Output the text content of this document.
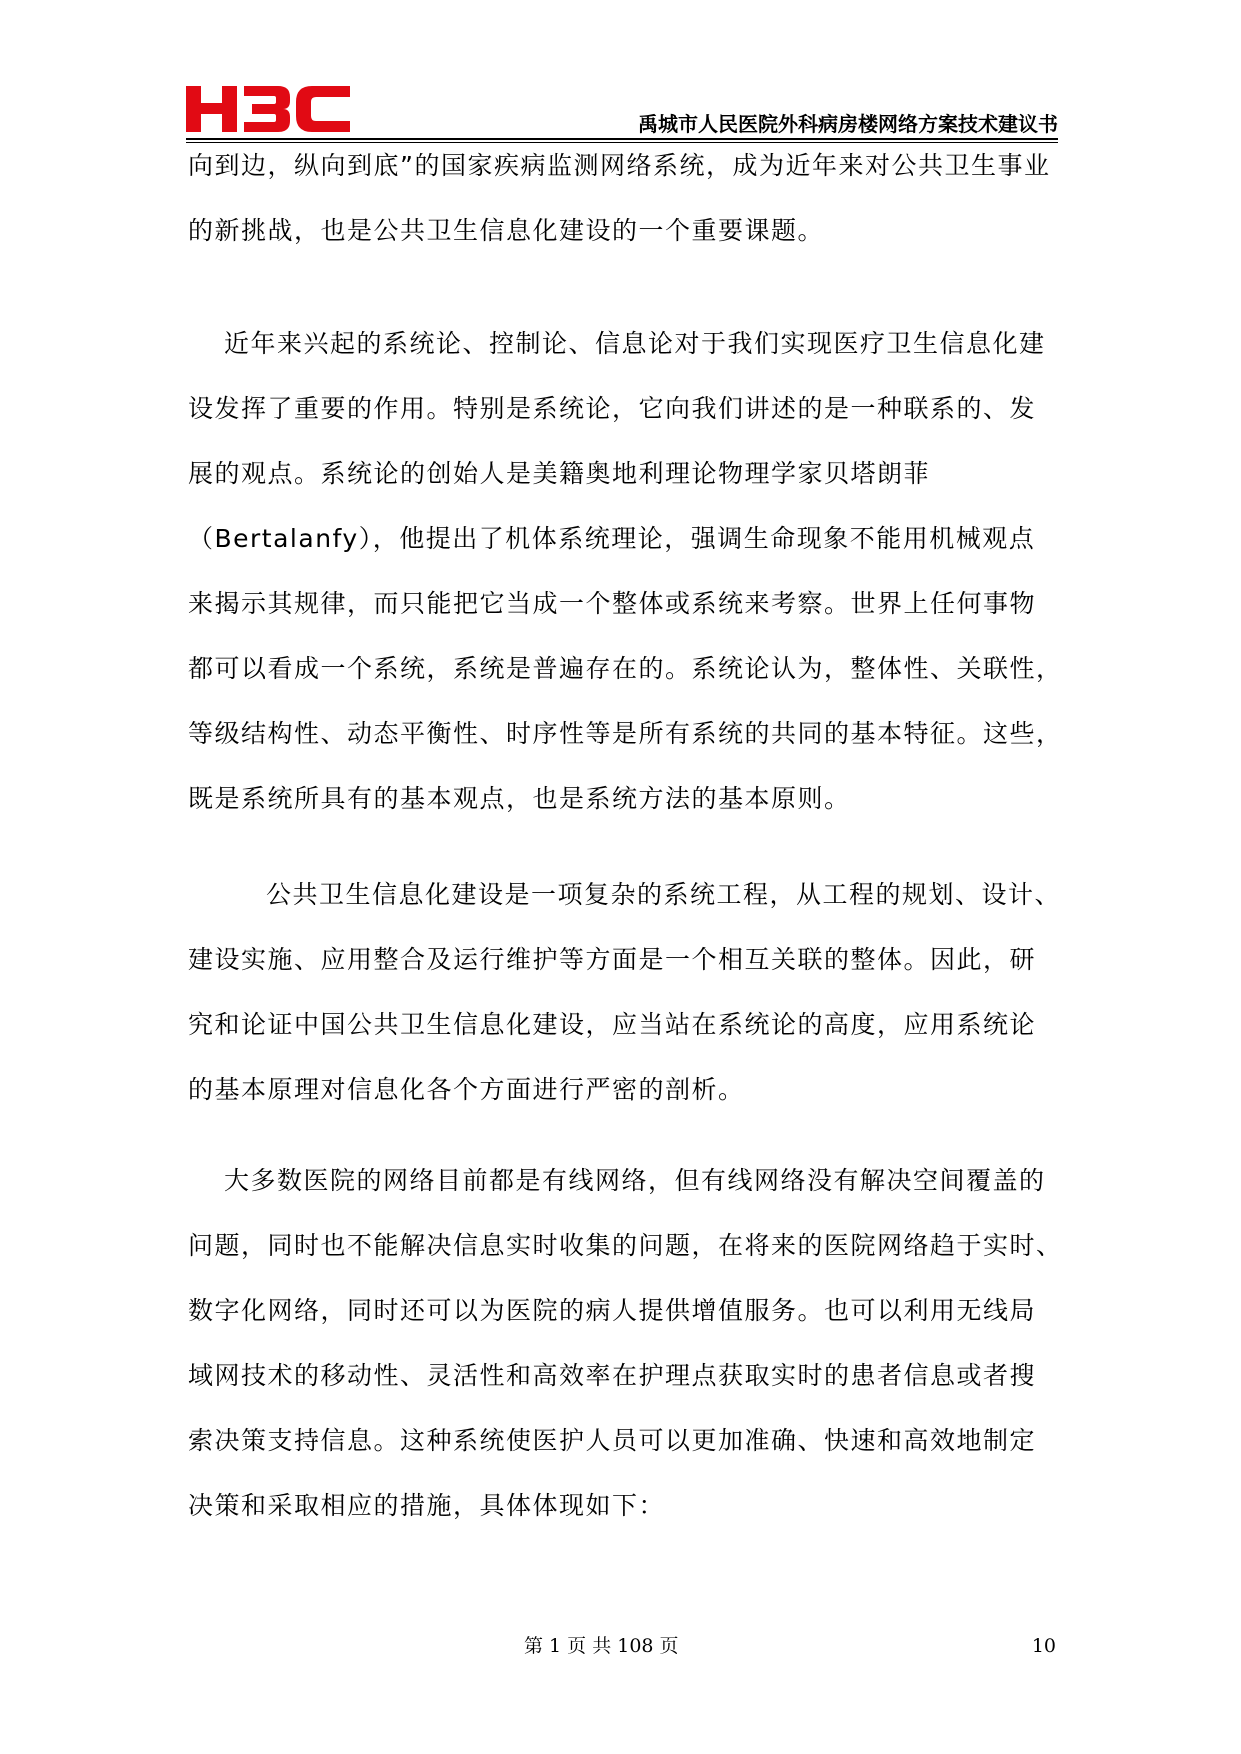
禹城市人民医院外科病房楼网络方案技术建议书
向到边，纵向到底”的国家疾病监测网络系统，成为近年来对公共卫生事业
的新挑战，也是公共卫生信息化建设的一个重要课题。
近年来兴起的系统论、控制论、信息论对于我们实现医疗卫生信息化建
设发挥了重要的作用。特别是系统论，它向我们讲述的是一种联系的、发
展的观点。系统论的创始人是美籍奥地利理论物理学家贝塔朗菲
（Bertalanfy），他提出了机体系统理论，强调生命现象不能用机械观点
来揭示其规律，而只能把它当成一个整体或系统来考察。世界上任何事物
都可以看成一个系统，系统是普遍存在的。系统论认为，整体性、关联性，
等级结构性、动态平衡性、时序性等是所有系统的共同的基本特征。这些，
既是系统所具有的基本观点，也是系统方法的基本原则。
公共卫生信息化建设是一项复杂的系统工程，从工程的规划、设计、
建设实施、应用整合及运行维护等方面是一个相互关联的整体。因此，研
究和论证中国公共卫生信息化建设，应当站在系统论的高度，应用系统论
的基本原理对信息化各个方面进行严密的剖析。
大多数医院的网络目前都是有线网络，但有线网络没有解决空间覆盖的
问题，同时也不能解决信息实时收集的问题，在将来的医院网络趋于实时、
数字化网络，同时还可以为医院的病人提供增值服务。也可以利用无线局
域网技术的移动性、灵活性和高效率在护理点获取实时的患者信息或者搜
索决策支持信息。这种系统使医护人员可以更加准确、快速和高效地制定
决策和采取相应的措施，具体体现如下：
第 1 页 共 108 页	10
